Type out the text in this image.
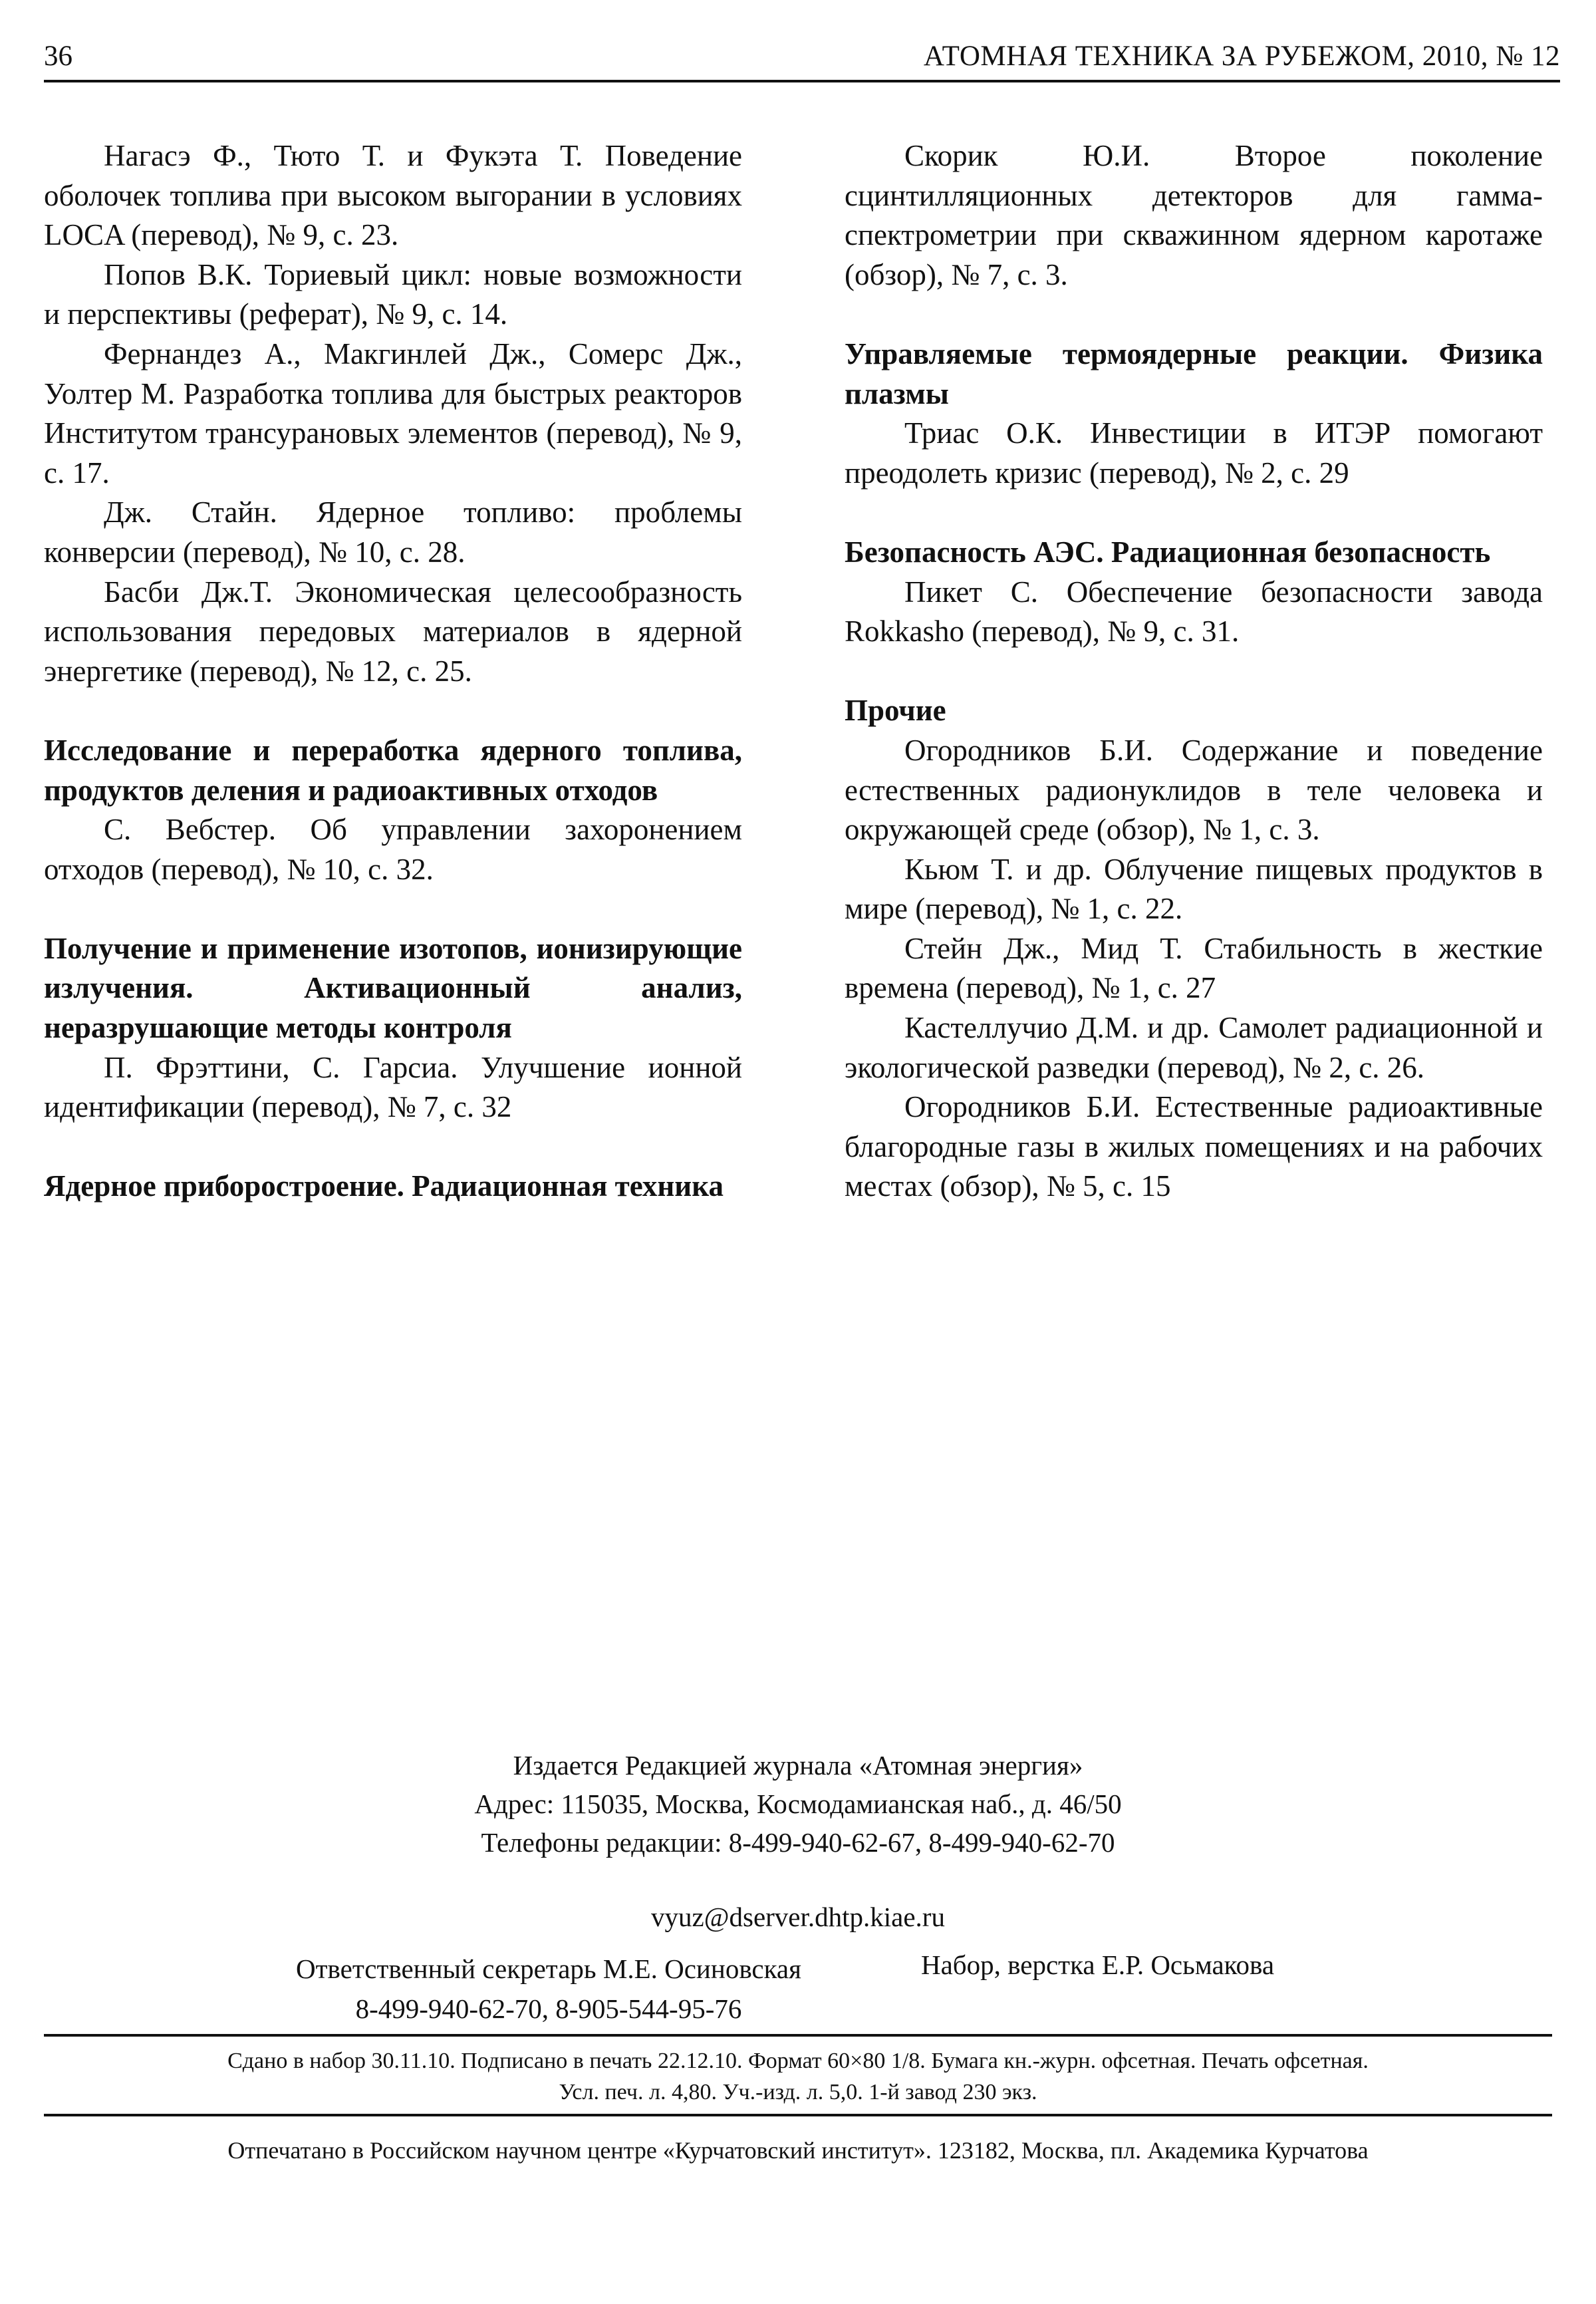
36	АТОМНАЯ ТЕХНИКА ЗА РУБЕЖОМ, 2010, № 12

Нагасэ Ф., Тюто Т. и Фукэта Т. Поведение оболочек топлива при высоком выгорании в условиях LOCA (перевод), № 9, с. 23.

Попов В.К. Ториевый цикл: новые возможности и перспективы (реферат), № 9, с. 14.

Фернандез А., Макгинлей Дж., Сомерс Дж., Уолтер М. Разработка топлива для быстрых реакторов Институтом трансурановых элементов (перевод), № 9, с. 17.

Дж. Стайн. Ядерное топливо: проблемы конверсии (перевод), № 10, с. 28.

Басби Дж.Т. Экономическая целесообразность использования передовых материалов в ядерной энергетике (перевод), № 12, с. 25.

Исследование и переработка ядерного топлива, продуктов деления и радиоактивных отходов

С. Вебстер. Об управлении захоронением отходов (перевод), № 10, с. 32.

Получение и применение изотопов, ионизирующие излучения. Активационный анализ, неразрушающие методы контроля

П. Фрэттини, С. Гарсиа. Улучшение ионной идентификации (перевод), № 7, с. 32

Ядерное приборостроение. Радиационная техника

Скорик Ю.И. Второе поколение сцинтилляционных детекторов для гамма-спектрометрии при скважинном ядерном каротаже (обзор), № 7, с. 3.

Управляемые термоядерные реакции. Физика плазмы

Триас О.К. Инвестиции в ИТЭР помогают преодолеть кризис (перевод), № 2, с. 29

Безопасность АЭС. Радиационная безопасность

Пикет С. Обеспечение безопасности завода Rokkasho (перевод), № 9, с. 31.

Прочие

Огородников Б.И. Содержание и поведение естественных радионуклидов в теле человека и окружающей среде (обзор), № 1, с. 3.

Кьюм Т. и др. Облучение пищевых продуктов в мире (перевод), № 1, с. 22.

Стейн Дж., Мид Т. Стабильность в жесткие времена (перевод), № 1, с. 27

Кастеллучио Д.М. и др. Самолет радиационной и экологической разведки (перевод), № 2, с. 26.

Огородников Б.И. Естественные радиоактивные благородные газы в жилых помещениях и на рабочих местах (обзор), № 5, с. 15

Издается Редакцией журнала «Атомная энергия»
Адрес: 115035, Москва, Космодамианская наб., д. 46/50
Телефоны редакции: 8-499-940-62-67, 8-499-940-62-70
vyuz@dserver.dhtp.kiae.ru
Ответственный секретарь М.Е. Осиновская
8-499-940-62-70, 8-905-544-95-76
Набор, верстка Е.Р. Осьмакова
Сдано в набор 30.11.10. Подписано в печать 22.12.10. Формат 60×80 1/8. Бумага кн.-журн. офсетная. Печать офсетная.
Усл. печ. л. 4,80. Уч.-изд. л. 5,0. 1-й завод 230 экз.
Отпечатано в Российском научном центре «Курчатовский институт». 123182, Москва, пл. Академика Курчатова
